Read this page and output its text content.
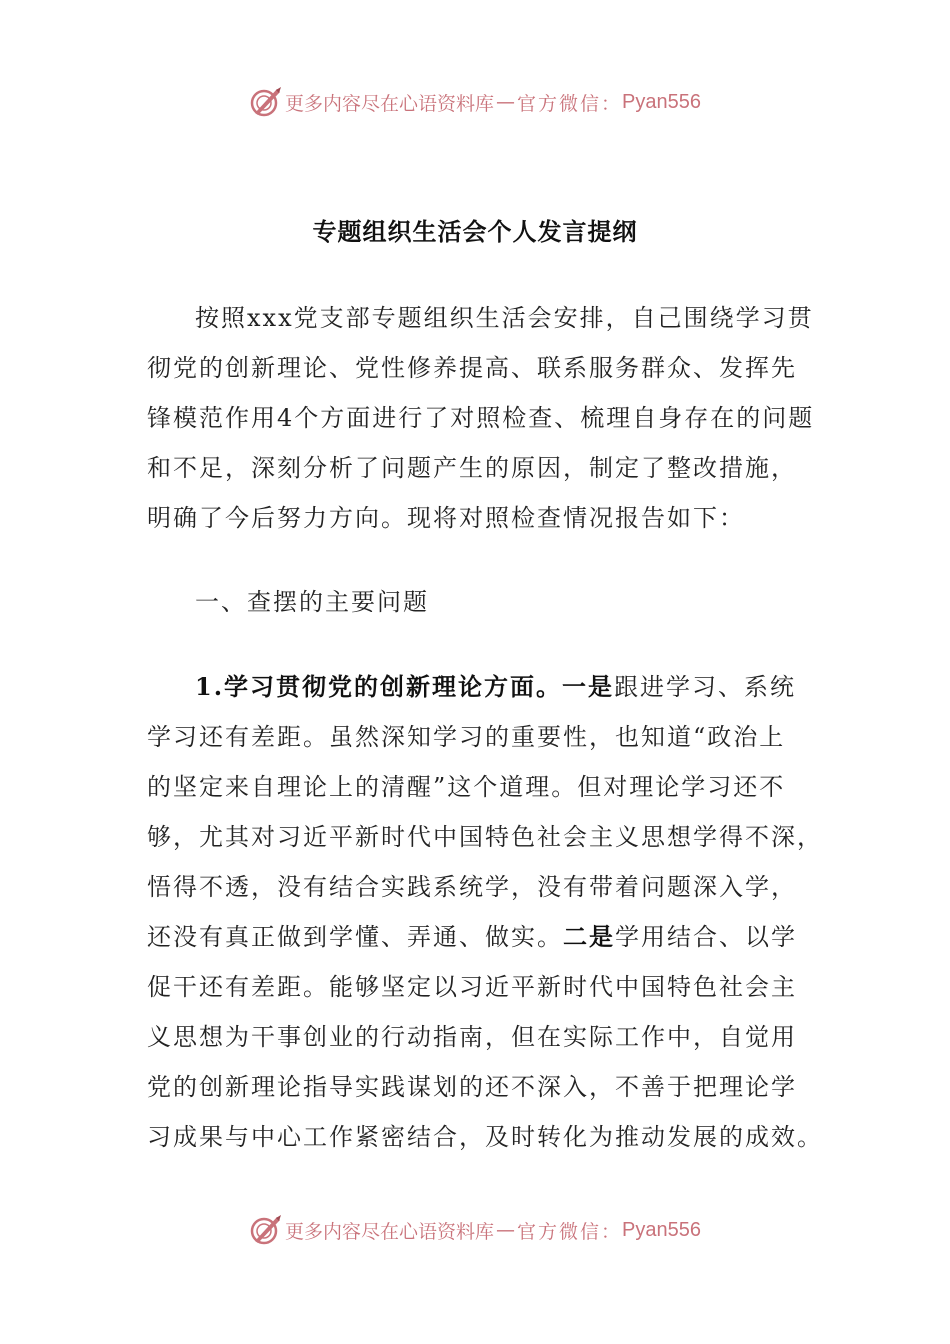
更多内容尽在心语资料库 — 官方微信： Pyan556
专题组织生活会个人发言提纲
按照xxx党支部专题组织生活会安排，自己围绕学习贯
彻党的创新理论、党性修养提高、联系服务群众、发挥先
锋模范作用4个方面进行了对照检查、梳理自身存在的问题
和不足，深刻分析了问题产生的原因，制定了整改措施，
明确了今后努力方向。现将对照检查情况报告如下：
一、查摆的主要问题
1.学习贯彻党的创新理论方面。一是跟进学习、系统
学习还有差距。虽然深知学习的重要性，也知道“政治上
的坚定来自理论上的清醒”这个道理。但对理论学习还不
够，尤其对习近平新时代中国特色社会主义思想学得不深，
悟得不透，没有结合实践系统学，没有带着问题深入学，
还没有真正做到学懂、弄通、做实。二是学用结合、以学
促干还有差距。能够坚定以习近平新时代中国特色社会主
义思想为干事创业的行动指南，但在实际工作中，自觉用
党的创新理论指导实践谋划的还不深入，不善于把理论学
习成果与中心工作紧密结合，及时转化为推动发展的成效。
更多内容尽在心语资料库 — 官方微信： Pyan556
